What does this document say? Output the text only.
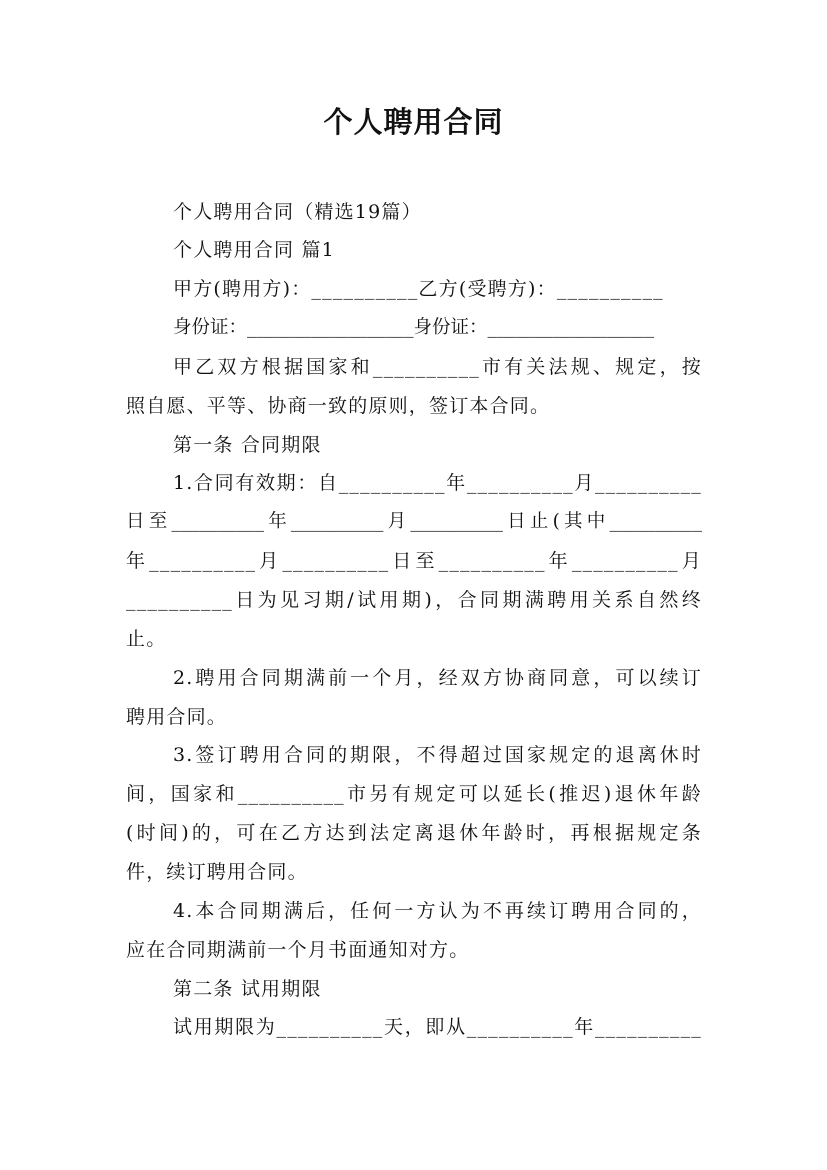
个人聘用合同
个人聘用合同（精选19篇）
个人聘用合同 篇1
甲方(聘用方)：__________乙方(受聘方)：__________
身份证：__________________身份证：__________________
甲乙双方根据国家和__________市有关法规、规定，按
照自愿、平等、协商一致的原则，签订本合同。
第一条 合同期限
1.合同有效期：自__________年__________月__________
日至__________年__________月__________日止(其中__________
年__________月__________日至__________年__________月
__________日为见习期/试用期)，合同期满聘用关系自然终
止。
2.聘用合同期满前一个月，经双方协商同意，可以续订
聘用合同。
3.签订聘用合同的期限，不得超过国家规定的退离休时
间，国家和__________市另有规定可以延长(推迟)退休年龄
(时间)的，可在乙方达到法定离退休年龄时，再根据规定条
件，续订聘用合同。
4.本合同期满后，任何一方认为不再续订聘用合同的，
应在合同期满前一个月书面通知对方。
第二条 试用期限
试用期限为__________天，即从__________年__________
